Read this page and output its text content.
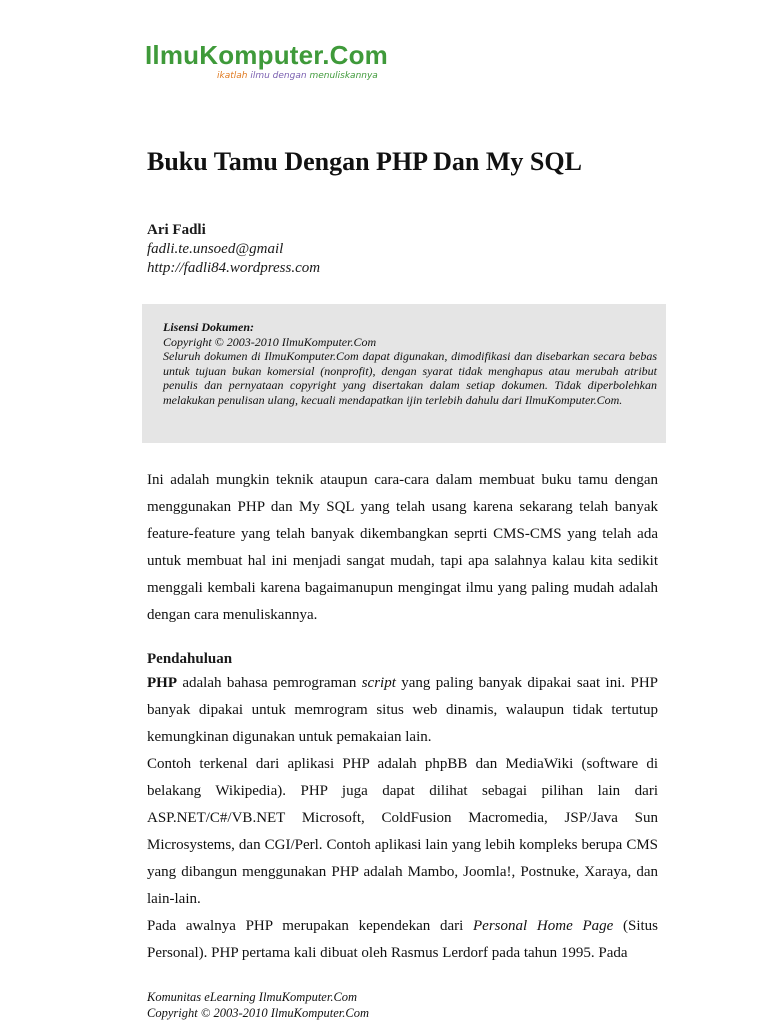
IlmuKomputer.Com
ikatlah ilmu dengan menuliskannya
Buku Tamu Dengan PHP Dan My SQL
Ari Fadli
fadli.te.unsoed@gmail
http://fadli84.wordpress.com
Lisensi Dokumen:
Copyright © 2003-2010 IlmuKomputer.Com
Seluruh dokumen di IlmuKomputer.Com dapat digunakan, dimodifikasi dan disebarkan secara bebas untuk tujuan bukan komersial (nonprofit), dengan syarat tidak menghapus atau merubah atribut penulis dan pernyataan copyright yang disertakan dalam setiap dokumen. Tidak diperbolehkan melakukan penulisan ulang, kecuali mendapatkan ijin terlebih dahulu dari IlmuKomputer.Com.
Ini adalah mungkin teknik ataupun cara-cara dalam membuat buku tamu dengan menggunakan PHP dan My SQL yang telah usang karena sekarang telah banyak feature-feature yang telah banyak dikembangkan seprti CMS-CMS yang telah ada untuk membuat hal ini menjadi sangat mudah, tapi apa salahnya kalau kita sedikit menggali kembali karena bagaimanupun mengingat ilmu yang paling mudah adalah dengan cara menuliskannya.
Pendahuluan

PHP adalah bahasa pemrograman script yang paling banyak dipakai saat ini. PHP banyak dipakai untuk memrogram situs web dinamis, walaupun tidak tertutup kemungkinan digunakan untuk pemakaian lain.

Contoh terkenal dari aplikasi PHP adalah phpBB dan MediaWiki (software di belakang Wikipedia). PHP juga dapat dilihat sebagai pilihan lain dari ASP.NET/C#/VB.NET Microsoft, ColdFusion Macromedia, JSP/Java Sun Microsystems, dan CGI/Perl. Contoh aplikasi lain yang lebih kompleks berupa CMS yang dibangun menggunakan PHP adalah Mambo, Joomla!, Postnuke, Xaraya, dan lain-lain.

Pada awalnya PHP merupakan kependekan dari Personal Home Page (Situs Personal). PHP pertama kali dibuat oleh Rasmus Lerdorf pada tahun 1995. Pada

Komunitas eLearning IlmuKomputer.Com
Copyright © 2003-2010 IlmuKomputer.Com
